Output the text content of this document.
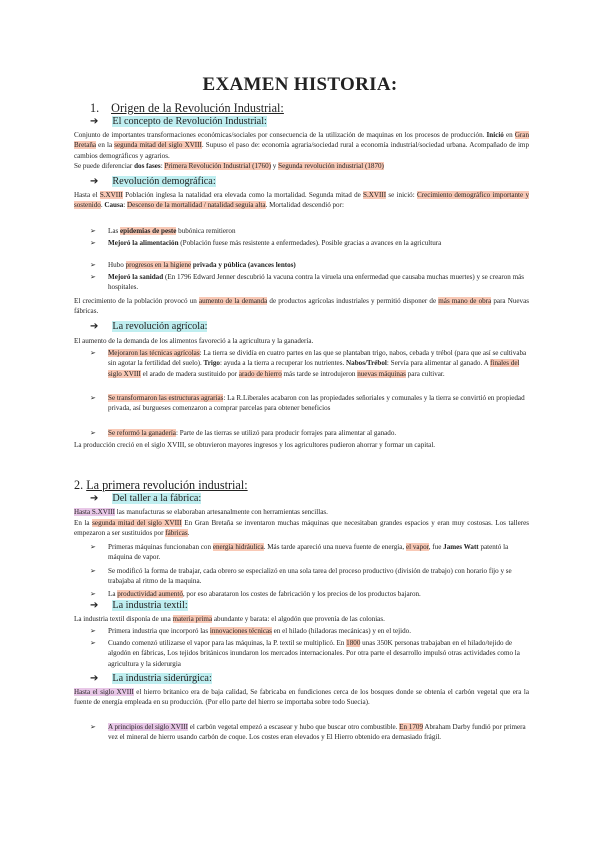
EXAMEN HISTORIA:
1. Origen de la Revolución Industrial:
➔ El concepto de Revolución Industrial:
Conjunto de importantes transformaciones económicas/sociales por consecuencia de la utilización de maquinas en los procesos de producción. Inició en Gran Bretaña en la segunda mitad del siglo XVIII. Supuso el paso de: economía agraria/sociedad rural a economía industrial/sociedad urbana. Acompañado de imp cambios demográficos y agrarios.
Se puede diferenciar dos fases: Primera Revolución Industrial (1760) y Segunda revolución industrial (1870)
➔ Revolución demográfica:
Hasta el S.XVIII Población inglesa la natalidad era elevada como la mortalidad. Segunda mitad de S.XVIII se inició: Crecimiento demográfico importante y sostenido. Causa: Descenso de la mortalidad / natalidad seguía alta. Mortalidad descendió por:
➢ Las epidemias de peste bubónica remitieron
➢ Mejoró la alimentación (Población fuese más resistente a enfermedades). Posible gracias a avances en la agricultura
➢ Hubo progresos en la higiene privada y pública (avances lentos)
➢ Mejoró la sanidad (En 1796 Edward Jenner descubrió la vacuna contra la viruela una enfermedad que causaba muchas muertes) y se crearon más hospitales.
El crecimiento de la población provocó un aumento de la demanda de productos agrícolas industriales y permitió disponer de más mano de obra para Nuevas fábricas.
➔ La revolución agrícola:
El aumento de la demanda de los alimentos favoreció a la agricultura y la ganadería.
➢ Mejoraron las técnicas agrícolas: La tierra se dividía en cuatro partes en las que se plantaban trigo, nabos, cebada y trébol (para que así se cultivaba sin agotar la fertilidad del suelo). Trigo: ayuda a la tierra a recuperar los nutrientes. Nabos/Trébol: Servía para alimentar al ganado. A finales del siglo XVIII el arado de madera sustituido por arado de hierro más tarde se introdujeron nuevas máquinas para cultivar.
➢ Se transformaron las estructuras agrarias: La R.Liberales acabaron con las propiedades señoriales y comunales y la tierra se convirtió en propiedad privada, así burgueses comenzaron a comprar parcelas para obtener beneficios
➢ Se reformó la ganadería: Parte de las tierras se utilizó para producir forrajes para alimentar al ganado.
La producción creció en el siglo XVIII, se obtuvieron mayores ingresos y los agricultores pudieron ahorrar y formar un capital.
2. La primera revolución industrial:
➔ Del taller a la fábrica:
Hasta S.XVIII las manufacturas se elaboraban artesanalmente con herramientas sencillas.
En la segunda mitad del siglo XVIII En Gran Bretaña se inventaron muchas máquinas que necesitaban grandes espacios y eran muy costosas. Los talleres empezaron a ser sustituidos por fábricas.
➢ Primeras máquinas funcionaban con energía hidráulica. Más tarde apareció una nueva fuente de energía, el vapor, fue James Watt patentó la máquina de vapor.
➢ Se modificó la forma de trabajar, cada obrero se especializó en una sola tarea del proceso productivo (división de trabajo) con horario fijo y se trabajaba al ritmo de la maquina.
➢ La productividad aumentó, por eso abarataron los costes de fabricación y los precios de los productos bajaron.
➔ La industria textil:
La industria textil disponía de una materia prima abundante y barata: el algodón que provenía de las colonias.
➢ Primera industria que incorporó las innovaciones técnicas en el hilado (hiladoras mecánicas) y en el tejido.
➢ Cuando comenzó utilizarse el vapor para las máquinas, la P. textil se multiplicó. En 1800 unas 350K personas trabajaban en el hilado/tejido de algodón en fábricas, Los tejidos británicos inundaron los mercados internacionales. Por otra parte el desarrollo impulsó otras actividades como la agricultura y la siderurgia
➔ La industria siderúrgica:
Hasta el siglo XVIII el hierro britanico era de baja calidad, Se fabricaba en fundiciones cerca de los bosques donde se obtenía el carbón vegetal que era la fuente de energía empleada en su producción. (Por ello parte del hierro se importaba sobre todo Suecia).
➢ A principios del siglo XVIII el carbón vegetal empezó a escasear y hubo que buscar otro combustible. En 1709 Abraham Darby fundió por primera vez el mineral de hierro usando carbón de coque. Los costes eran elevados y El Hierro obtenido era demasiado frágil.
